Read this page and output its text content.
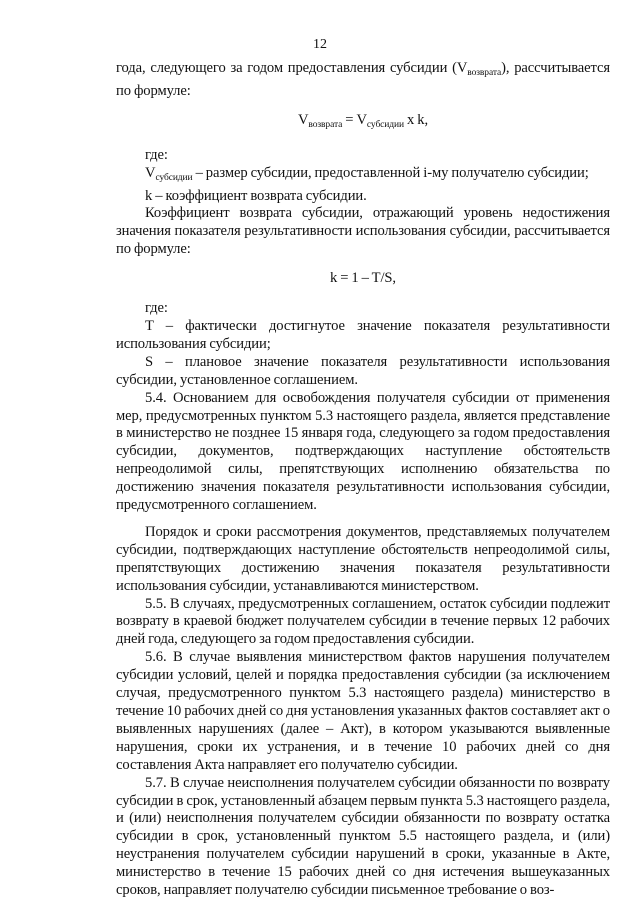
12

года, следующего за годом предоставления субсидии $(V_{возврата})$, рассчитывается по формуле:

$V_{возврата} = V_{субсидии}$ x k,

где:

$V_{субсидии}$ – размер субсидии, предоставленной i-му получателю субсидии;

k – коэффициент возврата субсидии.

Коэффициент возврата субсидии, отражающий уровень недостижения значения показателя результативности использования субсидии, рассчитывается по формуле:

k = 1 – T/S,

где:

T – фактически достигнутое значение показателя результативности использования субсидии;

S – плановое значение показателя результативности использования субсидии, установленное соглашением.

5.4. Основанием для освобождения получателя субсидии от применения мер, предусмотренных пунктом 5.3 настоящего раздела, является представление в министерство не позднее 15 января года, следующего за годом предоставления субсидии, документов, подтверждающих наступление обстоятельств непреодолимой силы, препятствующих исполнению обязательства по достижению значения показателя результативности использования субсидии, предусмотренного соглашением.

Порядок и сроки рассмотрения документов, представляемых получателем субсидии, подтверждающих наступление обстоятельств непреодолимой силы, препятствующих достижению значения показателя результативности использования субсидии, устанавливаются министерством.

5.5. В случаях, предусмотренных соглашением, остаток субсидии подлежит возврату в краевой бюджет получателем субсидии в течение первых 12 рабочих дней года, следующего за годом предоставления субсидии.

5.6. В случае выявления министерством фактов нарушения получателем субсидии условий, целей и порядка предоставления субсидии (за исключением случая, предусмотренного пунктом 5.3 настоящего раздела) министерство в течение 10 рабочих дней со дня установления указанных фактов составляет акт о выявленных нарушениях (далее – Акт), в котором указываются выявленные нарушения, сроки их устранения, и в течение 10 рабочих дней со дня составления Акта направляет его получателю субсидии.

5.7. В случае неисполнения получателем субсидии обязанности по возврату субсидии в срок, установленный абзацем первым пункта 5.3 настоящего раздела, и (или) неисполнения получателем субсидии обязанности по возврату остатка субсидии в срок, установленный пунктом 5.5 настоящего раздела, и (или) неустранения получателем субсидии нарушений в сроки, указанные в Акте, министерство в течение 15 рабочих дней со дня истечения вышеуказанных сроков, направляет получателю субсидии письменное требование о воз-
